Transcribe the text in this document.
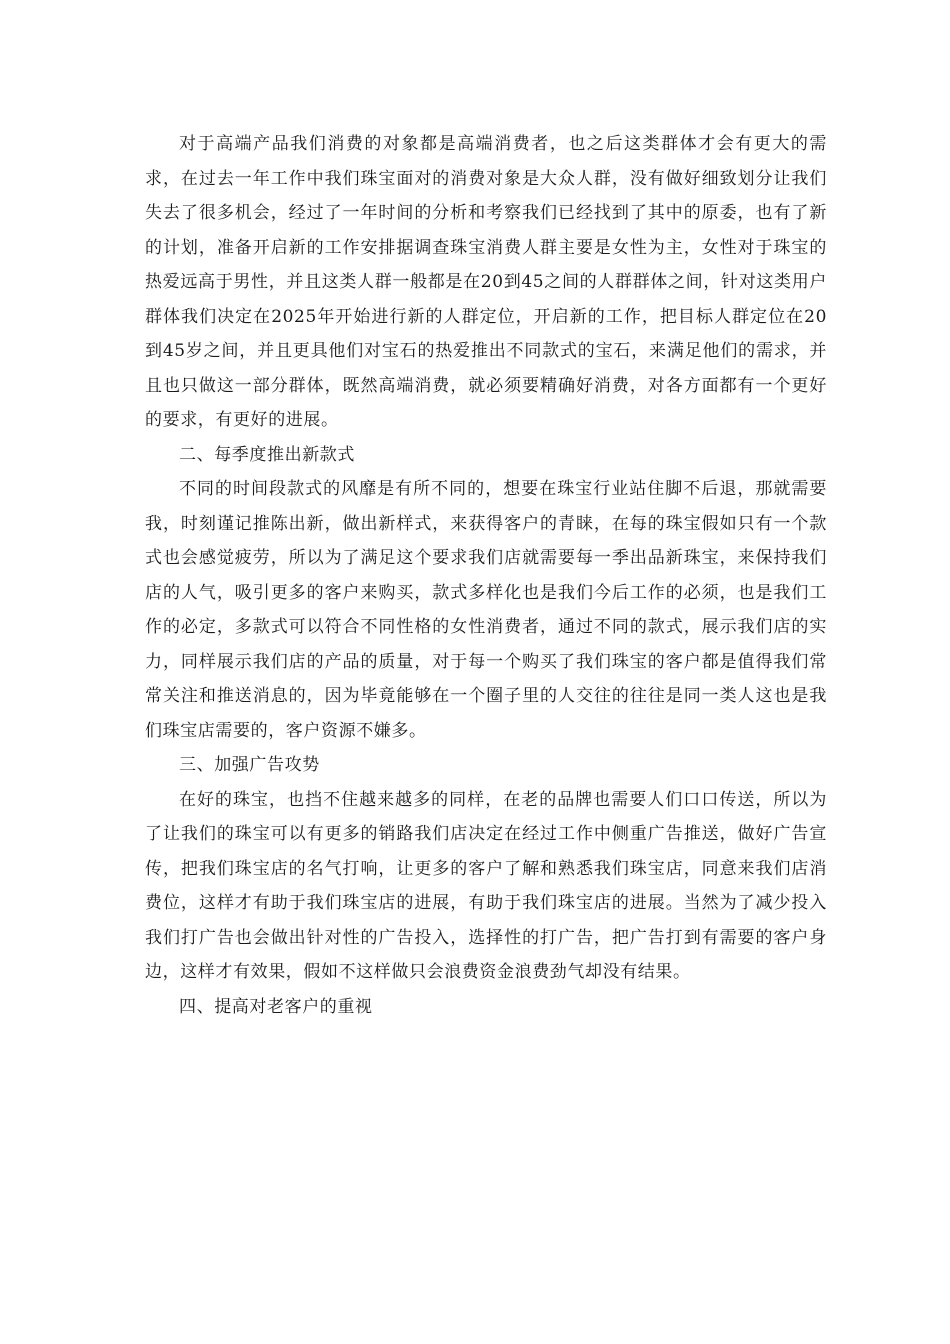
对于高端产品我们消费的对象都是高端消费者，也之后这类群体才会有更大的需求，在过去一年工作中我们珠宝面对的消费对象是大众人群，没有做好细致划分让我们失去了很多机会，经过了一年时间的分析和考察我们已经找到了其中的原委，也有了新的计划，准备开启新的工作安排据调查珠宝消费人群主要是女性为主，女性对于珠宝的热爱远高于男性，并且这类人群一般都是在20到45之间的人群群体之间，针对这类用户群体我们决定在2025年开始进行新的人群定位，开启新的工作，把目标人群定位在20到45岁之间，并且更具他们对宝石的热爱推出不同款式的宝石，来满足他们的需求，并且也只做这一部分群体，既然高端消费，就必须要精确好消费，对各方面都有一个更好的要求，有更好的进展。

二、每季度推出新款式

不同的时间段款式的风靡是有所不同的，想要在珠宝行业站住脚不后退，那就需要我，时刻谨记推陈出新，做出新样式，来获得客户的青睐，在每的珠宝假如只有一个款式也会感觉疲劳，所以为了满足这个要求我们店就需要每一季出品新珠宝，来保持我们店的人气，吸引更多的客户来购买，款式多样化也是我们今后工作的必须，也是我们工作的必定，多款式可以符合不同性格的女性消费者，通过不同的款式，展示我们店的实力，同样展示我们店的产品的质量，对于每一个购买了我们珠宝的客户都是值得我们常常关注和推送消息的，因为毕竟能够在一个圈子里的人交往的往往是同一类人这也是我们珠宝店需要的，客户资源不嫌多。

三、加强广告攻势

在好的珠宝，也挡不住越来越多的同样，在老的品牌也需要人们口口传送，所以为了让我们的珠宝可以有更多的销路我们店决定在经过工作中侧重广告推送，做好广告宣传，把我们珠宝店的名气打响，让更多的客户了解和熟悉我们珠宝店，同意来我们店消费位，这样才有助于我们珠宝店的进展，有助于我们珠宝店的进展。当然为了减少投入我们打广告也会做出针对性的广告投入，选择性的打广告，把广告打到有需要的客户身边，这样才有效果，假如不这样做只会浪费资金浪费劲气却没有结果。

四、提高对老客户的重视
